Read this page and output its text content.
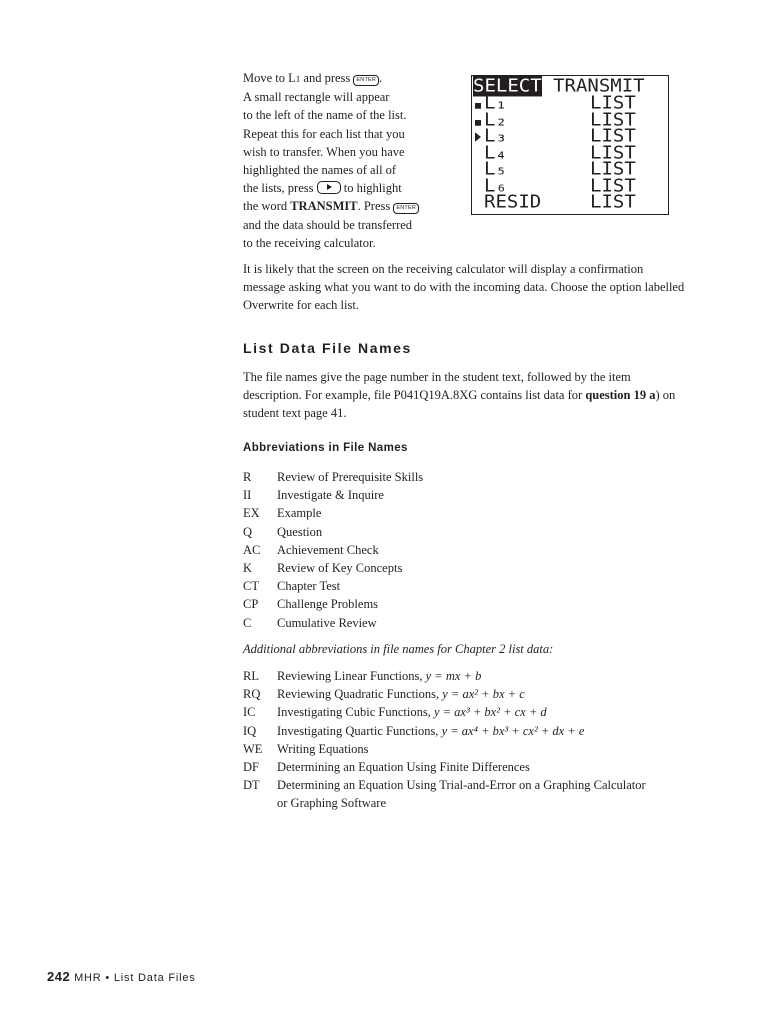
Move to L1 and press ENTER .
A small rectangle will appear
to the left of the name of the list.
Repeat this for each list that you
wish to transfer. When you have
highlighted the names of all of
the lists, press  to highlight
the word TRANSMIT. Press ENTER
and the data should be transferred
to the receiving calculator.
SELECT TRANSMIT
L₁	LIST
L₂	LIST
L₃	LIST
L₄	LIST
L₅	LIST
L₆	LIST
RESID	LIST
It is likely that the screen on the receiving calculator will display a confirmation message asking what you want to do with the incoming data. Choose the option labelled Overwrite for each list.
List Data File Names
The file names give the page number in the student text, followed by the item description. For example, file P041Q19A.8XG contains list data for question 19 a) on student text page 41.
Abbreviations in File Names
R	Review of Prerequisite Skills
II	Investigate & Inquire
EX	Example
Q	Question
AC	Achievement Check
K	Review of Key Concepts
CT	Chapter Test
CP	Challenge Problems
C	Cumulative Review
Additional abbreviations in file names for Chapter 2 list data:
RL	Reviewing Linear Functions, y = mx + b
RQ	Reviewing Quadratic Functions, y = ax² + bx + c
IC	Investigating Cubic Functions, y = ax³ + bx² + cx + d
IQ	Investigating Quartic Functions, y = ax⁴ + bx³ + cx² + dx + e
WE	Writing Equations
DF	Determining an Equation Using Finite Differences
DT	Determining an Equation Using Trial-and-Error on a Graphing Calculator
or Graphing Software
242 MHR • List Data Files
